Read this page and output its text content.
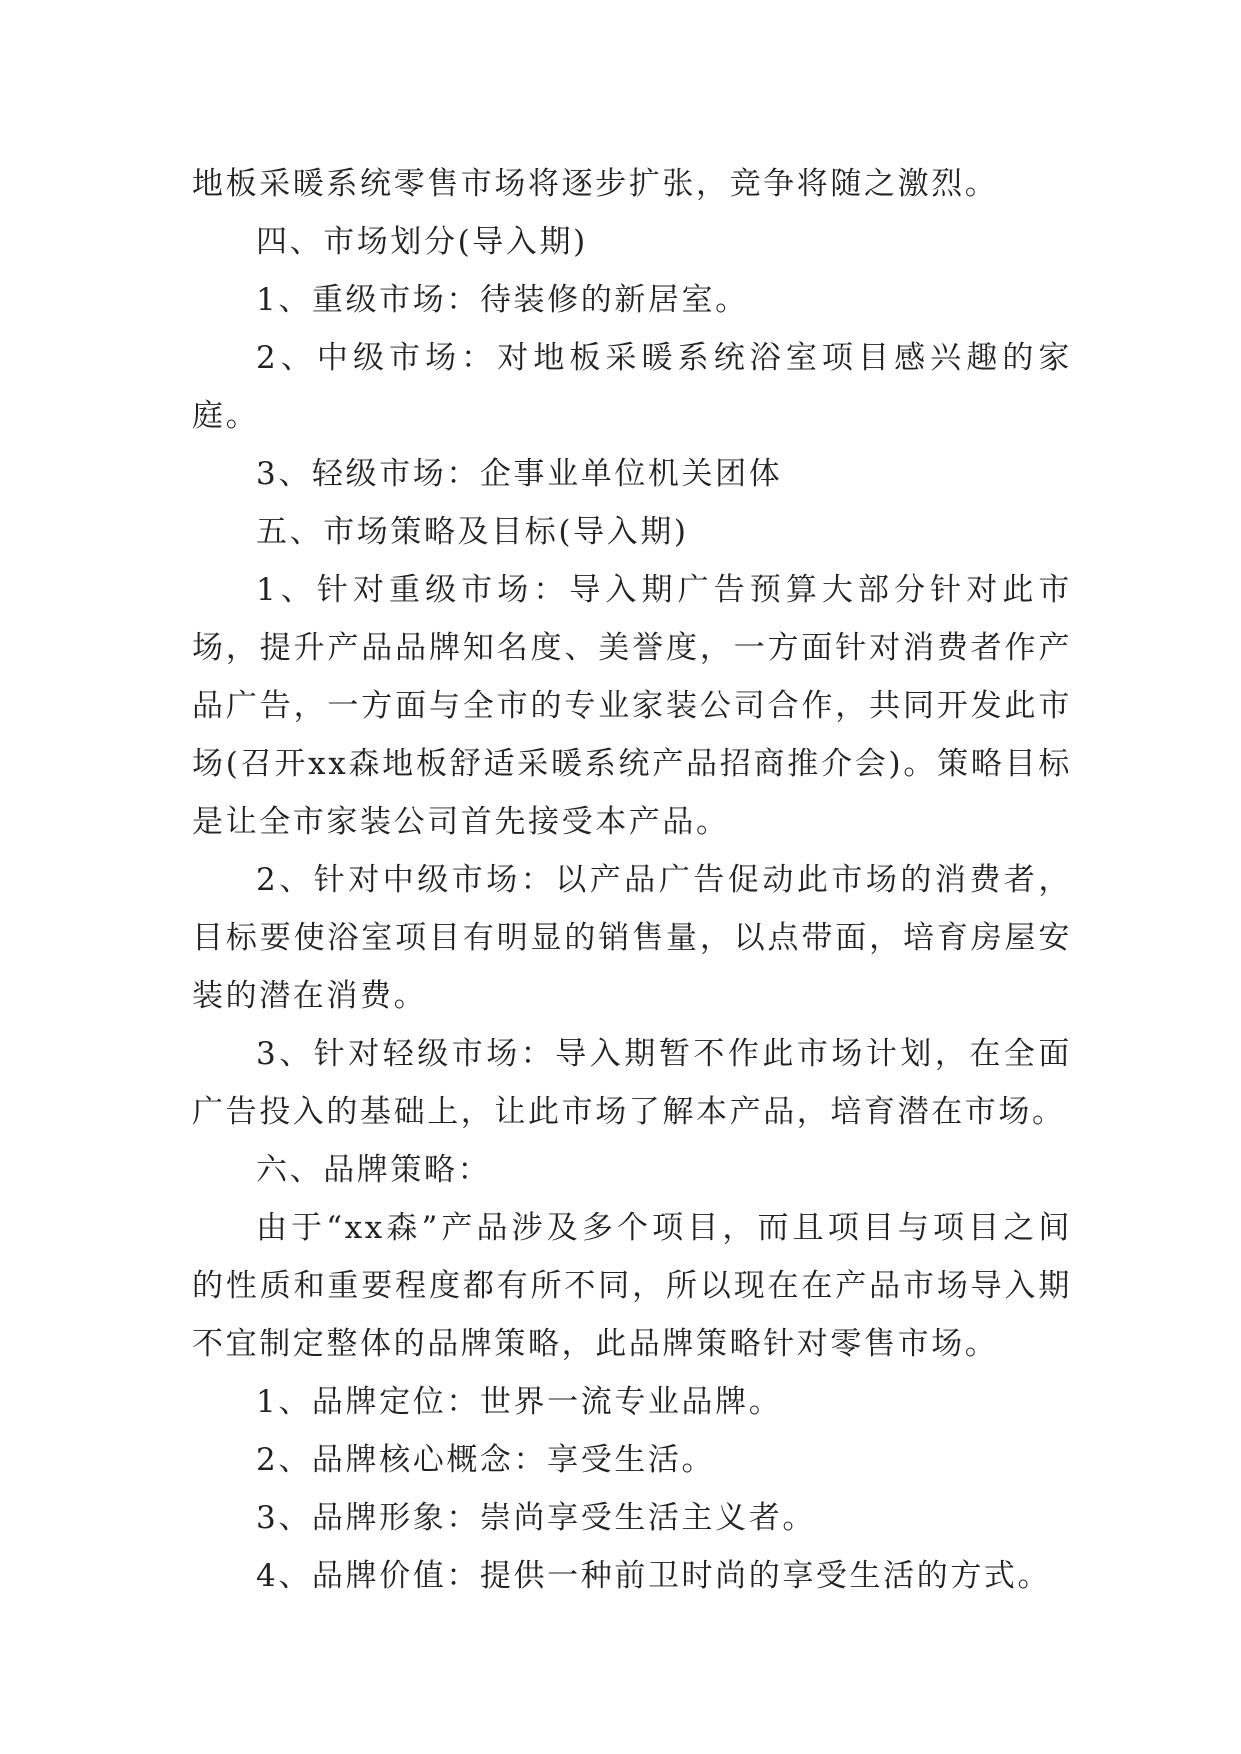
地板采暖系统零售市场将逐步扩张，竞争将随之激烈。

四、市场划分(导入期)

1、重级市场：待装修的新居室。

2、中级市场：对地板采暖系统浴室项目感兴趣的家庭。

3、轻级市场：企事业单位机关团体

五、市场策略及目标(导入期)

1、针对重级市场：导入期广告预算大部分针对此市场，提升产品品牌知名度、美誉度，一方面针对消费者作产品广告，一方面与全市的专业家装公司合作，共同开发此市场(召开xx森地板舒适采暖系统产品招商推介会)。策略目标是让全市家装公司首先接受本产品。

2、针对中级市场：以产品广告促动此市场的消费者，目标要使浴室项目有明显的销售量，以点带面，培育房屋安装的潜在消费。

3、针对轻级市场：导入期暂不作此市场计划，在全面广告投入的基础上，让此市场了解本产品，培育潜在市场。

六、品牌策略：

由于“xx森”产品涉及多个项目，而且项目与项目之间的性质和重要程度都有所不同，所以现在在产品市场导入期不宜制定整体的品牌策略，此品牌策略针对零售市场。

1、品牌定位：世界一流专业品牌。

2、品牌核心概念：享受生活。

3、品牌形象：崇尚享受生活主义者。

4、品牌价值：提供一种前卫时尚的享受生活的方式。
